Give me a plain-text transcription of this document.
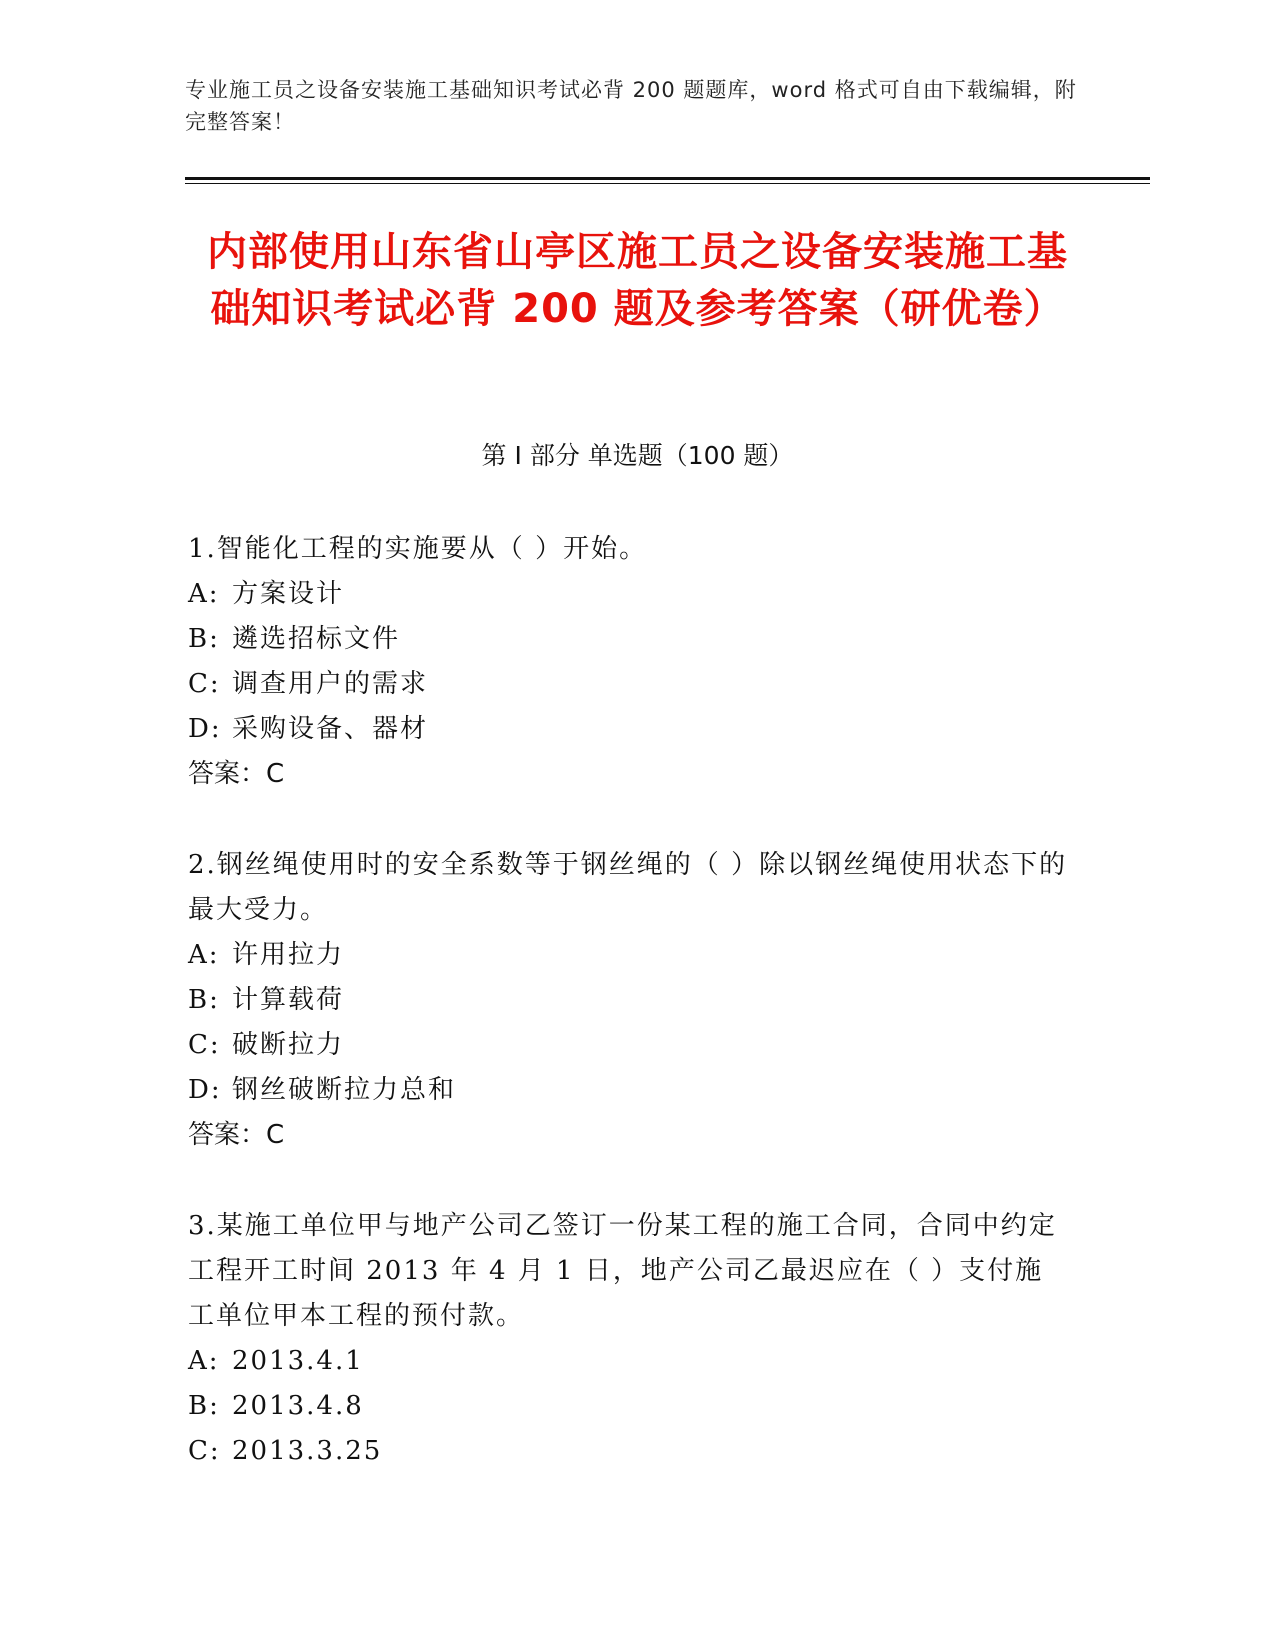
专业施工员之设备安装施工基础知识考试必背 200 题题库，word 格式可自由下载编辑，附完整答案！
内部使用山东省山亭区施工员之设备安装施工基础知识考试必背 200 题及参考答案（研优卷）
第 I 部分 单选题（100 题）

1.智能化工程的实施要从（ ）开始。

A: 方案设计

B: 遴选招标文件

C: 调查用户的需求

D: 采购设备、器材

答案：C

2.钢丝绳使用时的安全系数等于钢丝绳的（ ）除以钢丝绳使用状态下的最大受力。

A: 许用拉力

B: 计算载荷

C: 破断拉力

D: 钢丝破断拉力总和

答案：C

3.某施工单位甲与地产公司乙签订一份某工程的施工合同，合同中约定工程开工时间 2013 年 4 月 1 日，地产公司乙最迟应在（ ）支付施工单位甲本工程的预付款。

A: 2013.4.1

B: 2013.4.8

C: 2013.3.25
